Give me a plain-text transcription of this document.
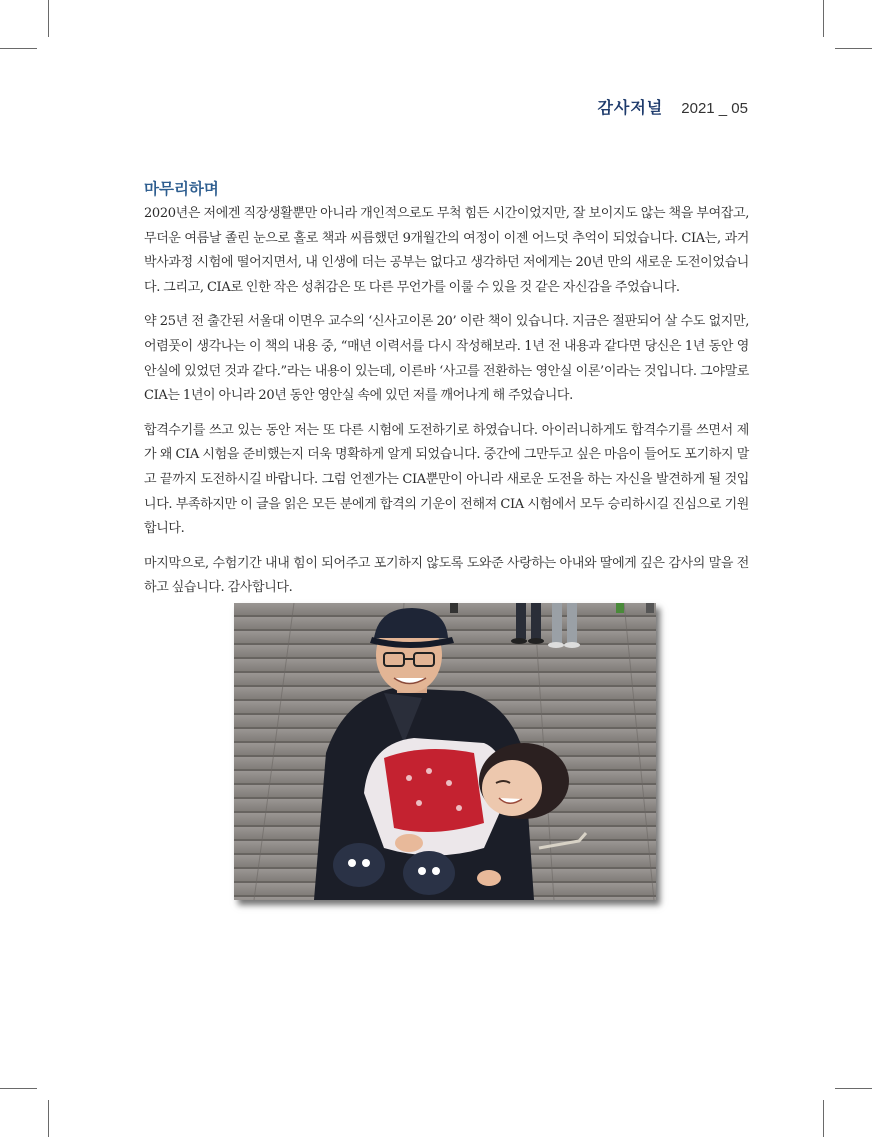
감사저널 2021 _ 05
마무리하며

2020년은 저에겐 직장생활뿐만 아니라 개인적으로도 무척 힘든 시간이었지만, 잘 보이지도 않는 책을 부여잡고, 무더운 여름날 졸린 눈으로 홀로 책과 씨름했던 9개월간의 여정이 이젠 어느덧 추억이 되었습니다. CIA는, 과거 박사과정 시험에 떨어지면서, 내 인생에 더는 공부는 없다고 생각하던 저에게는 20년 만의 새로운 도전이었습니다. 그리고, CIA로 인한 작은 성취감은 또 다른 무언가를 이룰 수 있을 것 같은 자신감을 주었습니다.

약 25년 전 출간된 서울대 이면우 교수의 ‘신사고이론 20’ 이란 책이 있습니다. 지금은 절판되어 살 수도 없지만, 어렴풋이 생각나는 이 책의 내용 중, “매년 이력서를 다시 작성해보라. 1년 전 내용과 같다면 당신은 1년 동안 영안실에 있었던 것과 같다.”라는 내용이 있는데, 이른바 ‘사고를 전환하는 영안실 이론’이라는 것입니다. 그야말로 CIA는 1년이 아니라 20년 동안 영안실 속에 있던 저를 깨어나게 해 주었습니다.

합격수기를 쓰고 있는 동안 저는 또 다른 시험에 도전하기로 하였습니다. 아이러니하게도 합격수기를 쓰면서 제가 왜 CIA 시험을 준비했는지 더욱 명확하게 알게 되었습니다. 중간에 그만두고 싶은 마음이 들어도 포기하지 말고 끝까지 도전하시길 바랍니다. 그럼 언젠가는 CIA뿐만이 아니라 새로운 도전을 하는 자신을 발견하게 될 것입니다. 부족하지만 이 글을 읽은 모든 분에게 합격의 기운이 전해져 CIA 시험에서 모두 승리하시길 진심으로 기원합니다.

마지막으로, 수험기간 내내 힘이 되어주고 포기하지 않도록 도와준 사랑하는 아내와 딸에게 깊은 감사의 말을 전하고 싶습니다. 감사합니다.
